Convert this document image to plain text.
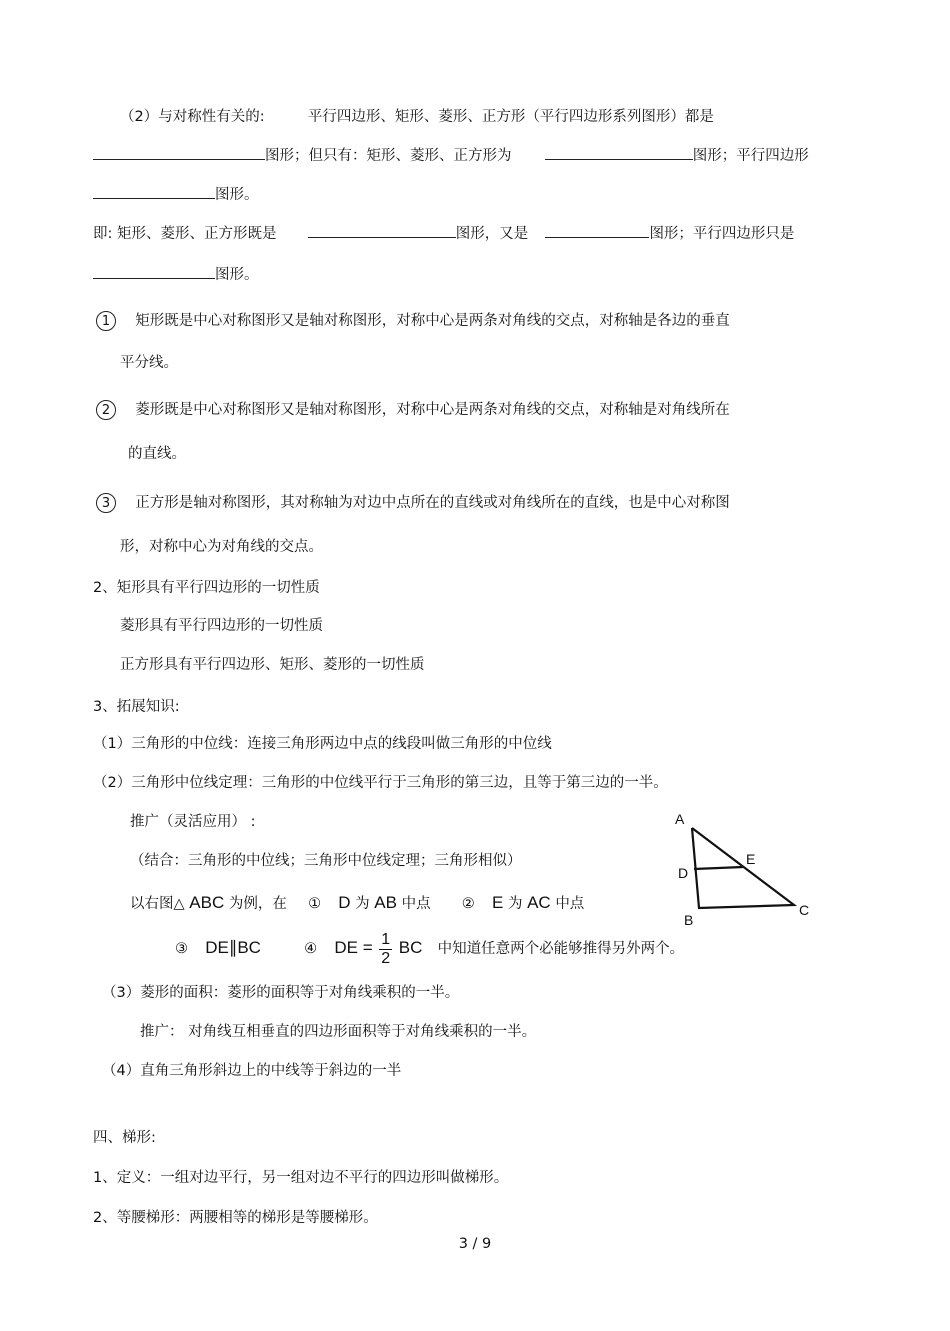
（2）与对称性有关的:	平行四边形、矩形、菱形、正方形（平行四边形系列图形）都是
图形；但只有：矩形、菱形、正方形为	图形；平行四边形
图形。
即: 矩形、菱形、正方形既是	图形，又是	图形；平行四边形只是
图形。
1 矩形既是中心对称图形又是轴对称图形，对称中心是两条对角线的交点，对称轴是各边的垂直
平分线。
2 菱形既是中心对称图形又是轴对称图形，对称中心是两条对角线的交点，对称轴是对角线所在
的直线。
3 正方形是轴对称图形，其对称轴为对边中点所在的直线或对角线所在的直线，也是中心对称图
形，对称中心为对角线的交点。
2、矩形具有平行四边形的一切性质
菱形具有平行四边形的一切性质
正方形具有平行四边形、矩形、菱形的一切性质
3、拓展知识:
（1）三角形的中位线：连接三角形两边中点的线段叫做三角形的中位线
（2）三角形中位线定理：三角形的中位线平行于三角形的第三边，且等于第三边的一半。
推广（灵活应用） :
（结合：三角形的中位线；三角形中位线定理；三角形相似）
以右图△ ABC 为例，在 ① D 为 AB 中点 ② E 为 AC 中点
③ DE∥BC	④ DE = $\frac{1}{2}$ BC 中知道任意两个必能够推得另外两个。
A
D
E
B
C
（3）菱形的面积：菱形的面积等于对角线乘积的一半。
推广： 对角线互相垂直的四边形面积等于对角线乘积的一半。
（4）直角三角形斜边上的中线等于斜边的一半
四、梯形:
1、定义：一组对边平行，另一组对边不平行的四边形叫做梯形。
2、等腰梯形：两腰相等的梯形是等腰梯形。
3 / 9
